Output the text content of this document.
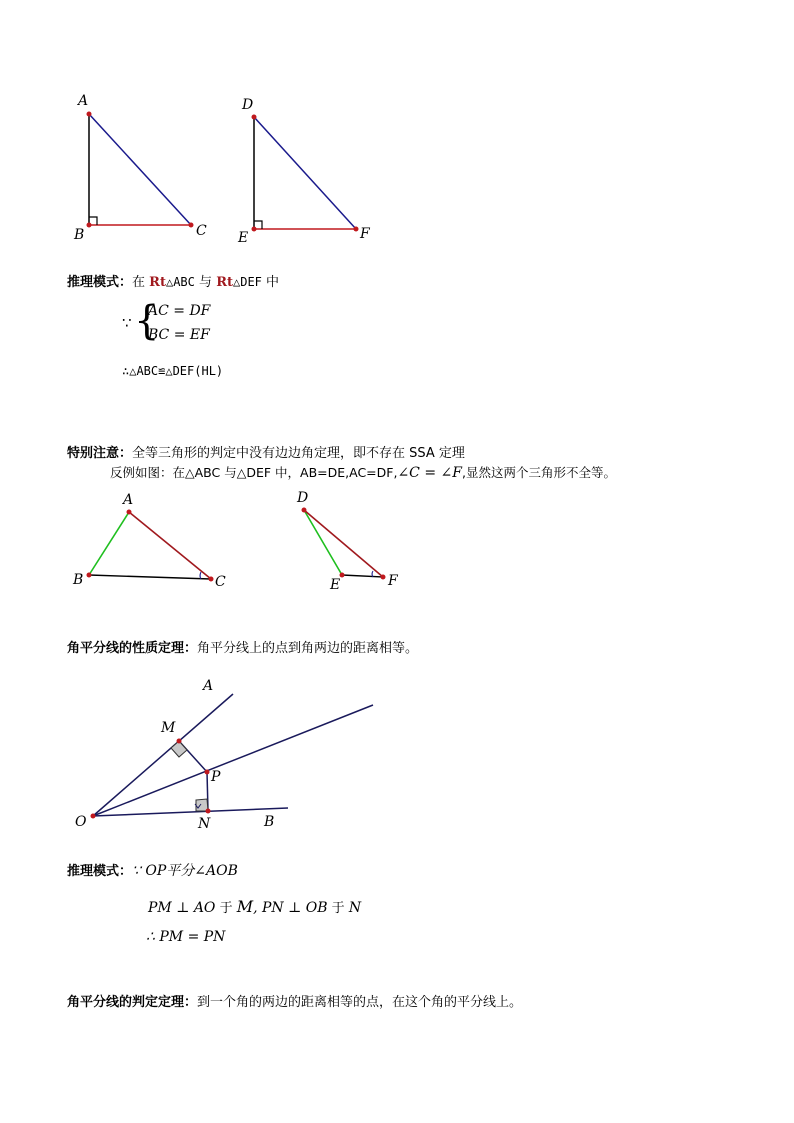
A
B	C
D
E	F
推理模式：在 Rt△ABC 与 Rt△DEF 中
∵ {
AC = DF
BC = EF
∴△ABC≌△DEF(HL)
特别注意：全等三角形的判定中没有边边角定理，即不存在 SSA 定理
反例如图：在△ABC 与△DEF 中，AB=DE,AC=DF,∠C = ∠F,显然这两个三角形不全等。
A
B	C
D
E	F
角平分线的性质定理：角平分线上的点到角两边的距离相等。
A
M
P
O	N	B
推理模式：∵ OP平分∠AOB
PM ⊥ AO 于 M, PN ⊥ OB 于 N
∴ PM = PN
角平分线的判定定理：到一个角的两边的距离相等的点，在这个角的平分线上。
